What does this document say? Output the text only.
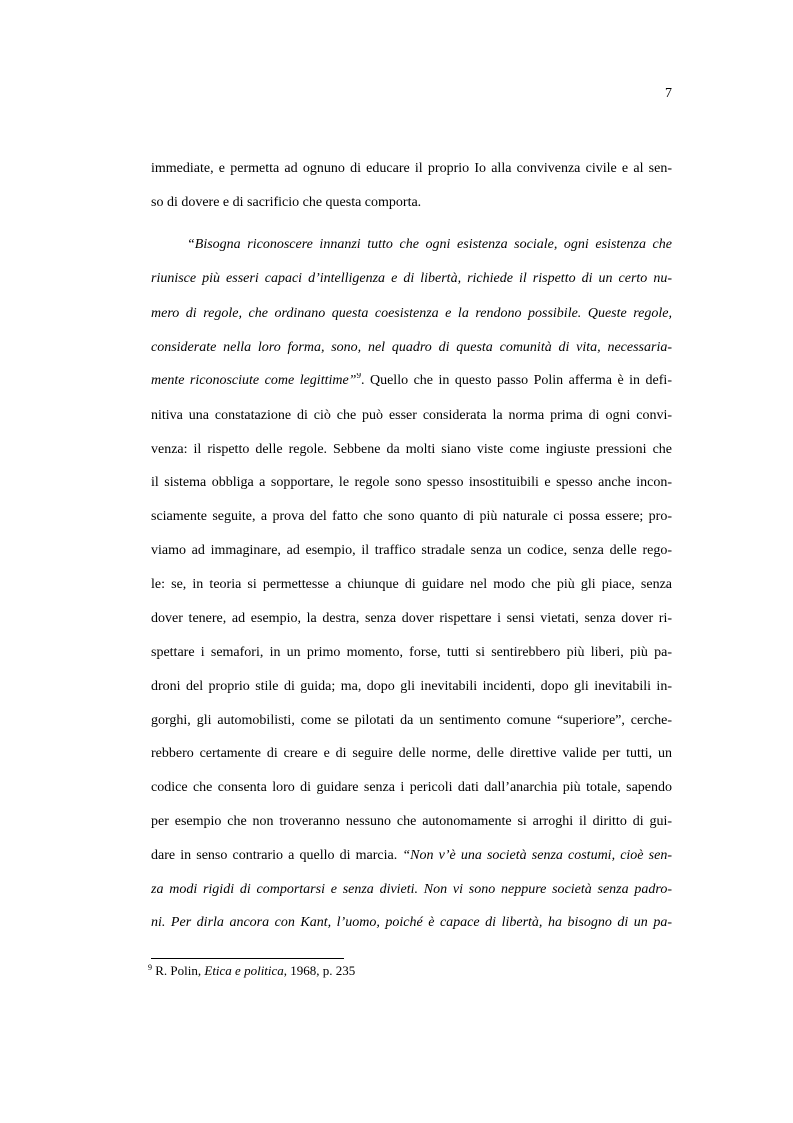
7
immediate, e permetta ad ognuno di educare il proprio Io alla convivenza civile e al sen-
so di dovere e di sacrificio che questa comporta.
“Bisogna riconoscere innanzi tutto che ogni esistenza sociale, ogni esistenza che
riunisce più esseri capaci d’intelligenza e di libertà, richiede il rispetto di un certo nu-
mero di regole, che ordinano questa coesistenza e la rendono possibile. Queste regole,
considerate nella loro forma, sono, nel quadro di questa comunità di vita, necessaria-
mente riconosciute come legittime”$^9$. Quello che in questo passo Polin afferma è in defi-
nitiva una constatazione di ciò che può esser considerata la norma prima di ogni convi-
venza: il rispetto delle regole. Sebbene da molti siano viste come ingiuste pressioni che
il sistema obbliga a sopportare, le regole sono spesso insostituibili e spesso anche incon-
sciamente seguite, a prova del fatto che sono quanto di più naturale ci possa essere; pro-
viamo ad immaginare, ad esempio, il traffico stradale senza un codice, senza delle rego-
le: se, in teoria si permettesse a chiunque di guidare nel modo che più gli piace, senza
dover tenere, ad esempio, la destra, senza dover rispettare i sensi vietati, senza dover ri-
spettare i semafori, in un primo momento, forse, tutti si sentirebbero più liberi, più pa-
droni del proprio stile di guida; ma, dopo gli inevitabili incidenti, dopo gli inevitabili in-
gorghi, gli automobilisti, come se pilotati da un sentimento comune “superiore”, cerche-
rebbero certamente di creare e di seguire delle norme, delle direttive valide per tutti, un
codice che consenta loro di guidare senza i pericoli dati dall’anarchia più totale, sapendo
per esempio che non troveranno nessuno che autonomamente si arroghi il diritto di gui-
dare in senso contrario a quello di marcia. “Non v’è una società senza costumi, cioè sen-
za modi rigidi di comportarsi e senza divieti. Non vi sono neppure società senza padro-
ni. Per dirla ancora con Kant, l’uomo, poiché è capace di libertà, ha bisogno di un pa-
$^9$ R. Polin, Etica e politica, 1968, p. 235
